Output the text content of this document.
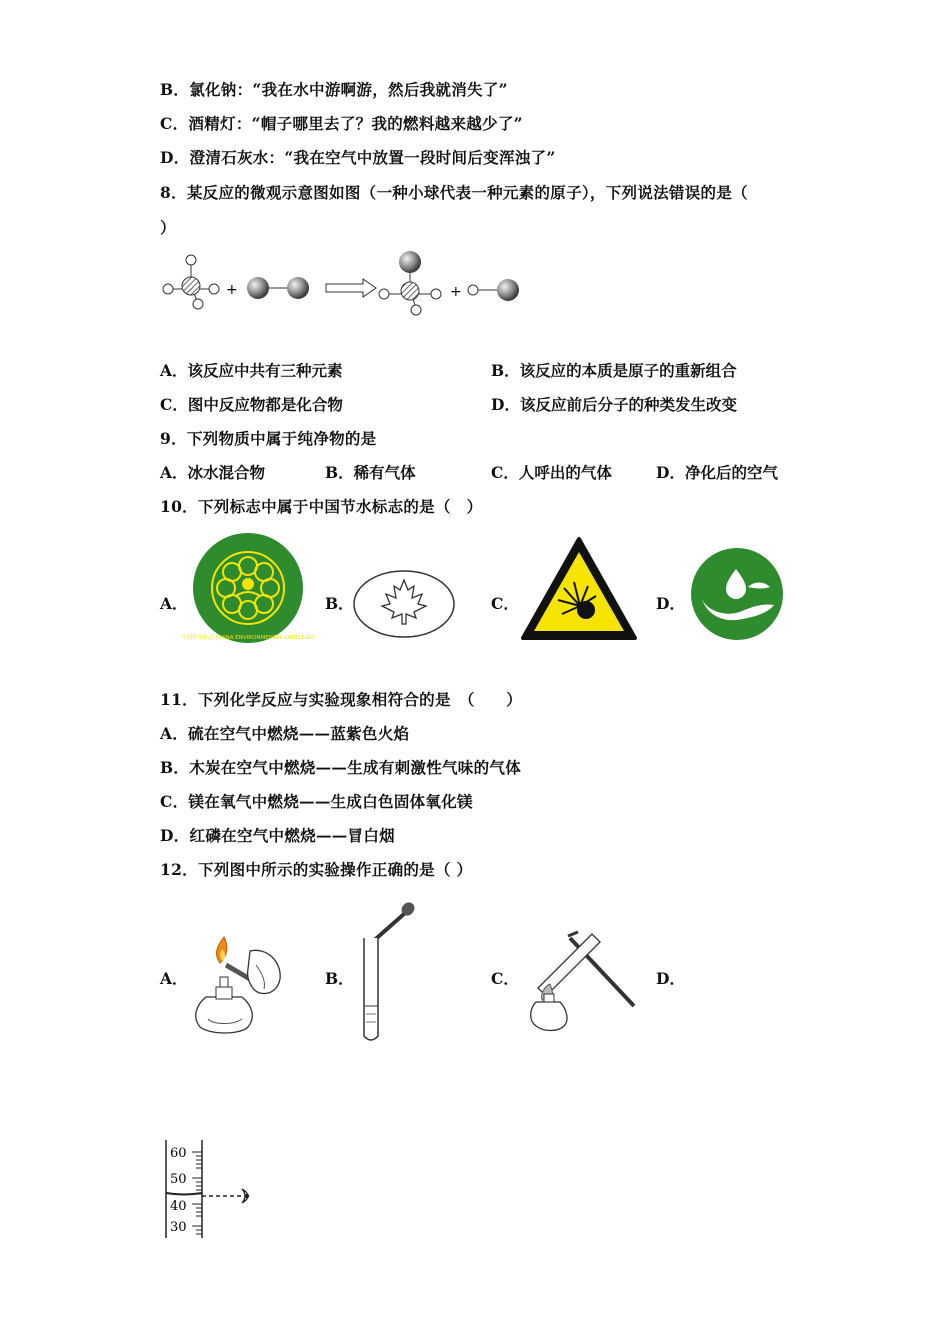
B．氯化钠：“我在水中游啊游，然后我就消失了”
C．酒精灯：“帽子哪里去了？我的燃料越来越少了”
D．澄清石灰水：“我在空气中放置一段时间后变浑浊了”
8．某反应的微观示意图如图（一种小球代表一种元素的原子），下列说法错误的是（
）
+	+
A．该反应中共有三种元素	B．该反应的本质是原子的重新组合
C．图中反应物都是化合物	D．该反应前后分子的种类发生改变
9．下列物质中属于纯净物的是
A．冰水混合物	B．稀有气体	C．人呼出的气体	D．净化后的空气
10．下列标志中属于中国节水标志的是（　）
A．
中国环境标志 CHINA ENVIRONMENTAL LABELLING
B．	C．	D．
11．下列化学反应与实验现象相符合的是　（　　）
A．硫在空气中燃烧——蓝紫色火焰
B．木炭在空气中燃烧——生成有刺激性气味的气体
C．镁在氧气中燃烧——生成白色固体氧化镁
D．红磷在空气中燃烧——冒白烟
12．下列图中所示的实验操作正确的是（ ）
A．	B．	C．	D．
60
50
40
30
